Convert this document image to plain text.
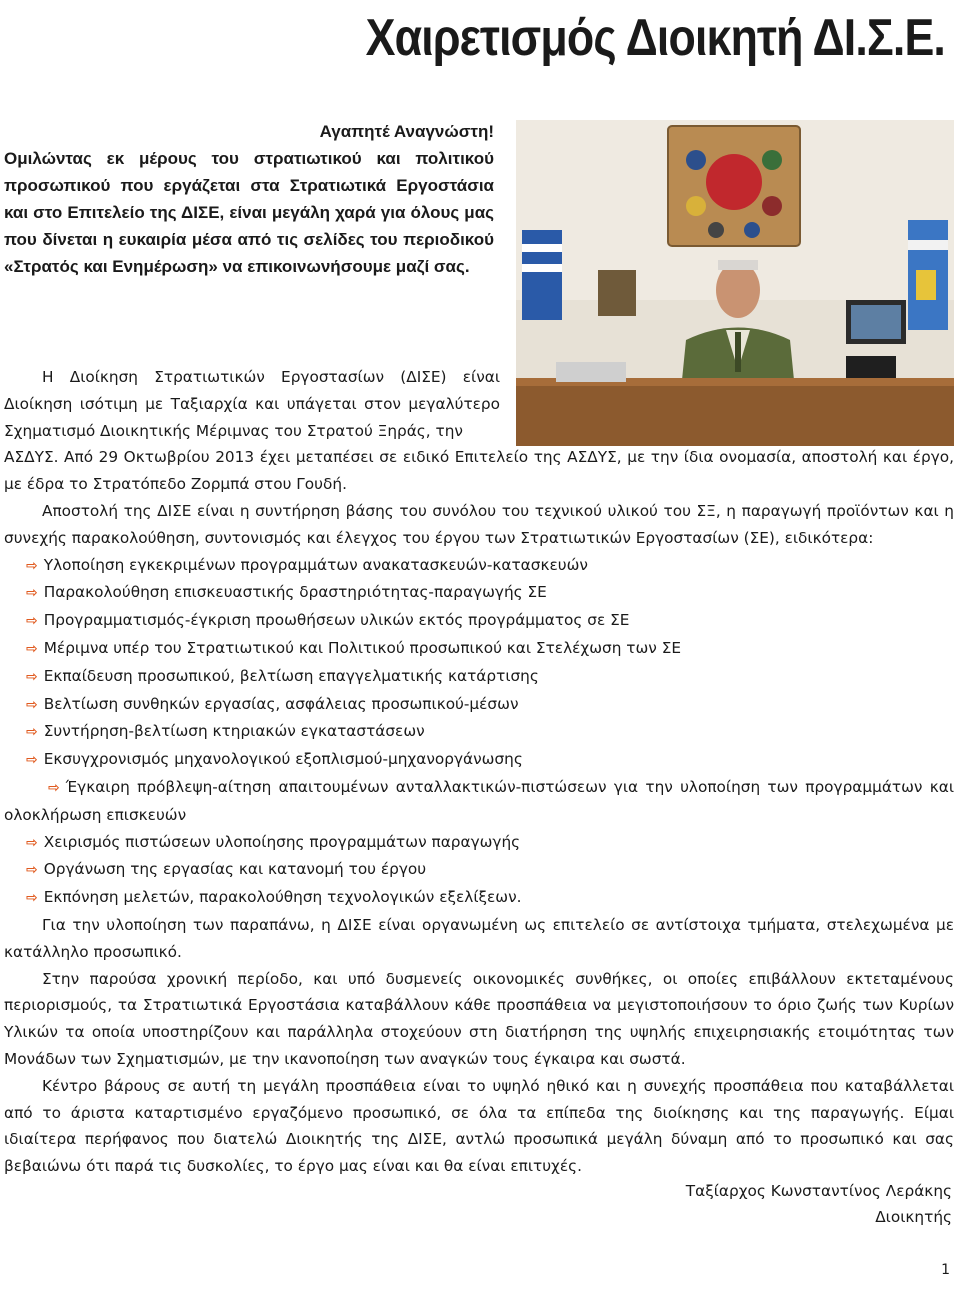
Χαιρετισμός Διοικητή ΔΙ.Σ.Ε.

Αγαπητέ Αναγνώστη!

Ομιλώντας εκ μέρους του στρατιωτικού και πολιτικού προσωπικού που εργάζεται στα Στρατιωτικά Εργοστάσια και στο Επιτελείο της ΔΙΣΕ, είναι μεγάλη χαρά για όλους μας που δίνεται η ευκαιρία μέσα από τις σελίδες του περιοδικού «Στρατός και Ενημέρωση» να επικοινωνήσουμε μαζί σας.

Η Διοίκηση Στρατιωτικών Εργοστασίων (ΔΙΣΕ) είναι Διοίκηση ισότιμη με Ταξιαρχία και υπάγεται στον μεγαλύτερο Σχηματισμό Διοικητικής Μέριμνας του Στρατού Ξηράς, την

ΑΣΔΥΣ. Από 29 Οκτωβρίου 2013 έχει μεταπέσει σε ειδικό Επιτελείο της ΑΣΔΥΣ, με την ίδια ονομασία, αποστολή και έργο, με έδρα το Στρατόπεδο Ζορμπά στου Γουδή.

Αποστολή της ΔΙΣΕ είναι η συντήρηση βάσης του συνόλου του τεχνικού υλικού του ΣΞ, η παραγωγή προϊόντων και η συνεχής παρακολούθηση, συντονισμός και έλεγχος του έργου των Στρατιωτικών Εργοστασίων (ΣΕ), ειδικότερα:

⇨ Υλοποίηση εγκεκριμένων προγραμμάτων ανακατασκευών-κατασκευών
⇨ Παρακολούθηση επισκευαστικής δραστηριότητας-παραγωγής ΣΕ
⇨ Προγραμματισμός-έγκριση προωθήσεων υλικών εκτός προγράμματος σε ΣΕ
⇨ Μέριμνα υπέρ του Στρατιωτικού και Πολιτικού προσωπικού και Στελέχωση των ΣΕ
⇨ Εκπαίδευση προσωπικού, βελτίωση επαγγελματικής κατάρτισης
⇨ Βελτίωση συνθηκών εργασίας, ασφάλειας προσωπικού-μέσων
⇨ Συντήρηση-βελτίωση κτηριακών εγκαταστάσεων
⇨ Εκσυγχρονισμός μηχανολογικού εξοπλισμού-μηχανοργάνωσης

⇨ Έγκαιρη πρόβλεψη-αίτηση απαιτουμένων ανταλλακτικών-πιστώσεων για την υλοποίηση των προγραμμάτων και ολοκλήρωση επισκευών

⇨ Χειρισμός πιστώσεων υλοποίησης προγραμμάτων παραγωγής
⇨ Οργάνωση της εργασίας και κατανομή του έργου
⇨ Εκπόνηση μελετών, παρακολούθηση τεχνολογικών εξελίξεων.

Για την υλοποίηση των παραπάνω, η ΔΙΣΕ είναι οργανωμένη ως επιτελείο σε αντίστοιχα τμήματα, στελεχωμένα με κατάλληλο προσωπικό.

Στην παρούσα χρονική περίοδο, και υπό δυσμενείς οικονομικές συνθήκες, οι οποίες επιβάλλουν εκτεταμένους περιορισμούς, τα Στρατιωτικά Εργοστάσια καταβάλλουν κάθε προσπάθεια να μεγιστοποιήσουν το όριο ζωής των Κυρίων Υλικών τα οποία υποστηρίζουν και παράλληλα στοχεύουν στη διατήρηση της υψηλής επιχειρησιακής ετοιμότητας των Μονάδων των Σχηματισμών, με την ικανοποίηση των αναγκών τους έγκαιρα και σωστά.

Κέντρο βάρους σε αυτή τη μεγάλη προσπάθεια είναι το υψηλό ηθικό και η συνεχής προσπάθεια που καταβάλλεται από το άριστα καταρτισμένο εργαζόμενο προσωπικό, σε όλα τα επίπεδα της διοίκησης και της παραγωγής. Είμαι ιδιαίτερα περήφανος που διατελώ Διοικητής της ΔΙΣΕ, αντλώ προσωπικά μεγάλη δύναμη από το προσωπικό και σας βεβαιώνω ότι παρά τις δυσκολίες, το έργο μας είναι και θα είναι επιτυχές.

Ταξίαρχος Κωνσταντίνος Λεράκης
Διοικητής
1
